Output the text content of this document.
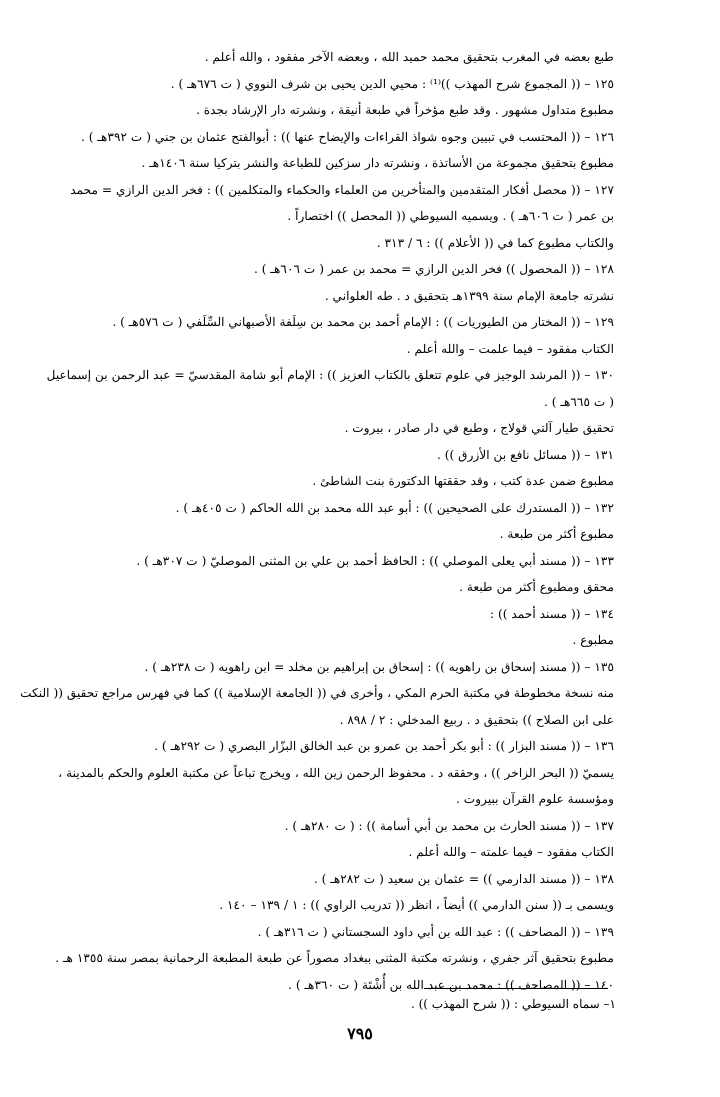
طبع بعضه في المغرب بتحقيق محمد حميد الله ، وبعضه الآخر مفقود ، والله أعلم .
١٢٥ – (( المجموع شرح المهذب ))⁽¹⁾ : محيي الدين يحيى بن شرف النووي ( ت ٦٧٦هـ ) .
مطبوع متداول مشهور . وقد طبع مؤخراً في طبعة أنيقة ، ونشرته دار الإرشاد بجدة .
١٢٦ – (( المحتسب في تبيين وجوه شواذ القراءات والإيضاح عنها )) : أبوالفتح عثمان بن جني ( ت ٣٩٢هـ ) .
مطبوع بتحقيق مجموعة من الأساتذة ، ونشرته دار سزكين للطباعة والنشر بتركيا سنة ١٤٠٦هـ .
١٢٧ – (( محصل أفكار المتقدمين والمتأخرين من العلماء والحكماء والمتكلمين )) : فخر الدين الرازي = محمد
بن عمر ( ت ٦٠٦هـ ) . ويسميه السيوطي (( المحصل )) اختصاراً .
والكتاب مطبوع كما في (( الأعلام )) : ٦ / ٣١٣ .
١٢٨ – (( المحصول )) فخر الدين الرازي = محمد بن عمر ( ت ٦٠٦هـ ) .
نشرته جامعة الإمام سنة ١٣٩٩هـ بتحقيق د . طه العلواني .
١٢٩ – (( المختار من الطيوريات )) : الإمام أحمد بن محمد بن سِلَفة الأصبهاني السِّلَفي ( ت ٥٧٦هـ ) .
الكتاب مفقود – فيما علمت – والله أعلم .
١٣٠ – (( المرشد الوجيز في علوم تتعلق بالكتاب العزيز )) : الإمام أبو شامة المقدسيّ = عبد الرحمن بن إسماعيل
( ت ٦٦٥هـ ) .
تحقيق طيار آلتي قولاج ، وطبع في دار صادر ، بيروت .
١٣١ – (( مسائل نافع بن الأزرق )) .
مطبوع ضمن عدة كتب ، وقد حققتها الدكتورة بنت الشاطئ .
١٣٢ – (( المستدرك على الصحيحين )) : أبو عبد الله محمد بن الله الحاكم ( ت ٤٠٥هـ ) .
مطبوع أكثر من طبعة .
١٣٣ – (( مسند أبي يعلى الموصلي )) : الحافظ أحمد بن علي بن المثنى الموصليّ ( ت ٣٠٧هـ ) .
محقق ومطبوع أكثر من طبعة .
١٣٤ – (( مسند أحمد )) :
مطبوع .
١٣٥ – (( مسند إسحاق بن راهويه )) : إسحاق بن إبراهيم بن مخلد = ابن راهويه ( ت ٢٣٨هـ ) .
منه نسخة مخطوطة في مكتبة الحرم المكي ، وأخرى في (( الجامعة الإسلامية )) كما في فهرس مراجع تحقيق (( النكت
على ابن الصلاح )) بتحقيق د . ربيع المدخلي : ٢ / ٨٩٨ .
١٣٦ – (( مسند البزار )) : أبو بكر أحمد بن عمرو بن عبد الخالق البزّار البصري ( ت ٢٩٢هـ ) .
يسميّ (( البحر الزاخر )) ، وحققه د . محفوظ الرحمن زين الله ، ويخرج تباعاً عن مكتبة العلوم والحكم بالمدينة ،
ومؤسسة علوم القرآن ببيروت .
١٣٧ – (( مسند الحارث بن محمد بن أبي أسامة )) : ( ت ٢٨٠هـ ) .
الكتاب مفقود – فيما علمته – والله أعلم .
١٣٨ – (( مسند الدارمي )) = عثمان بن سعيد ( ت ٢٨٢هـ ) .
ويسمى بـ (( سنن الدارمي )) أيضاً ، انظر (( تدريب الراوي )) : ١ / ١٣٩ – ١٤٠ .
١٣٩ – (( المصاحف )) : عبد الله بن أبي داود السجستاني ( ت ٣١٦هـ ) .
مطبوع بتحقيق آثر جفري ، ونشرته مكتبة المثنى ببغداد مصوراً عن طبعة المطبعة الرحمانية بمصر سنة ١٣٥٥ هـ .
١٤٠ – (( المصاحف )) : محمد بن عبد الله بن أُشْتَة ( ت ٣٦٠هـ ) .
١– سماه السيوطي : (( شرح المهذب )) .
٧٩٥
